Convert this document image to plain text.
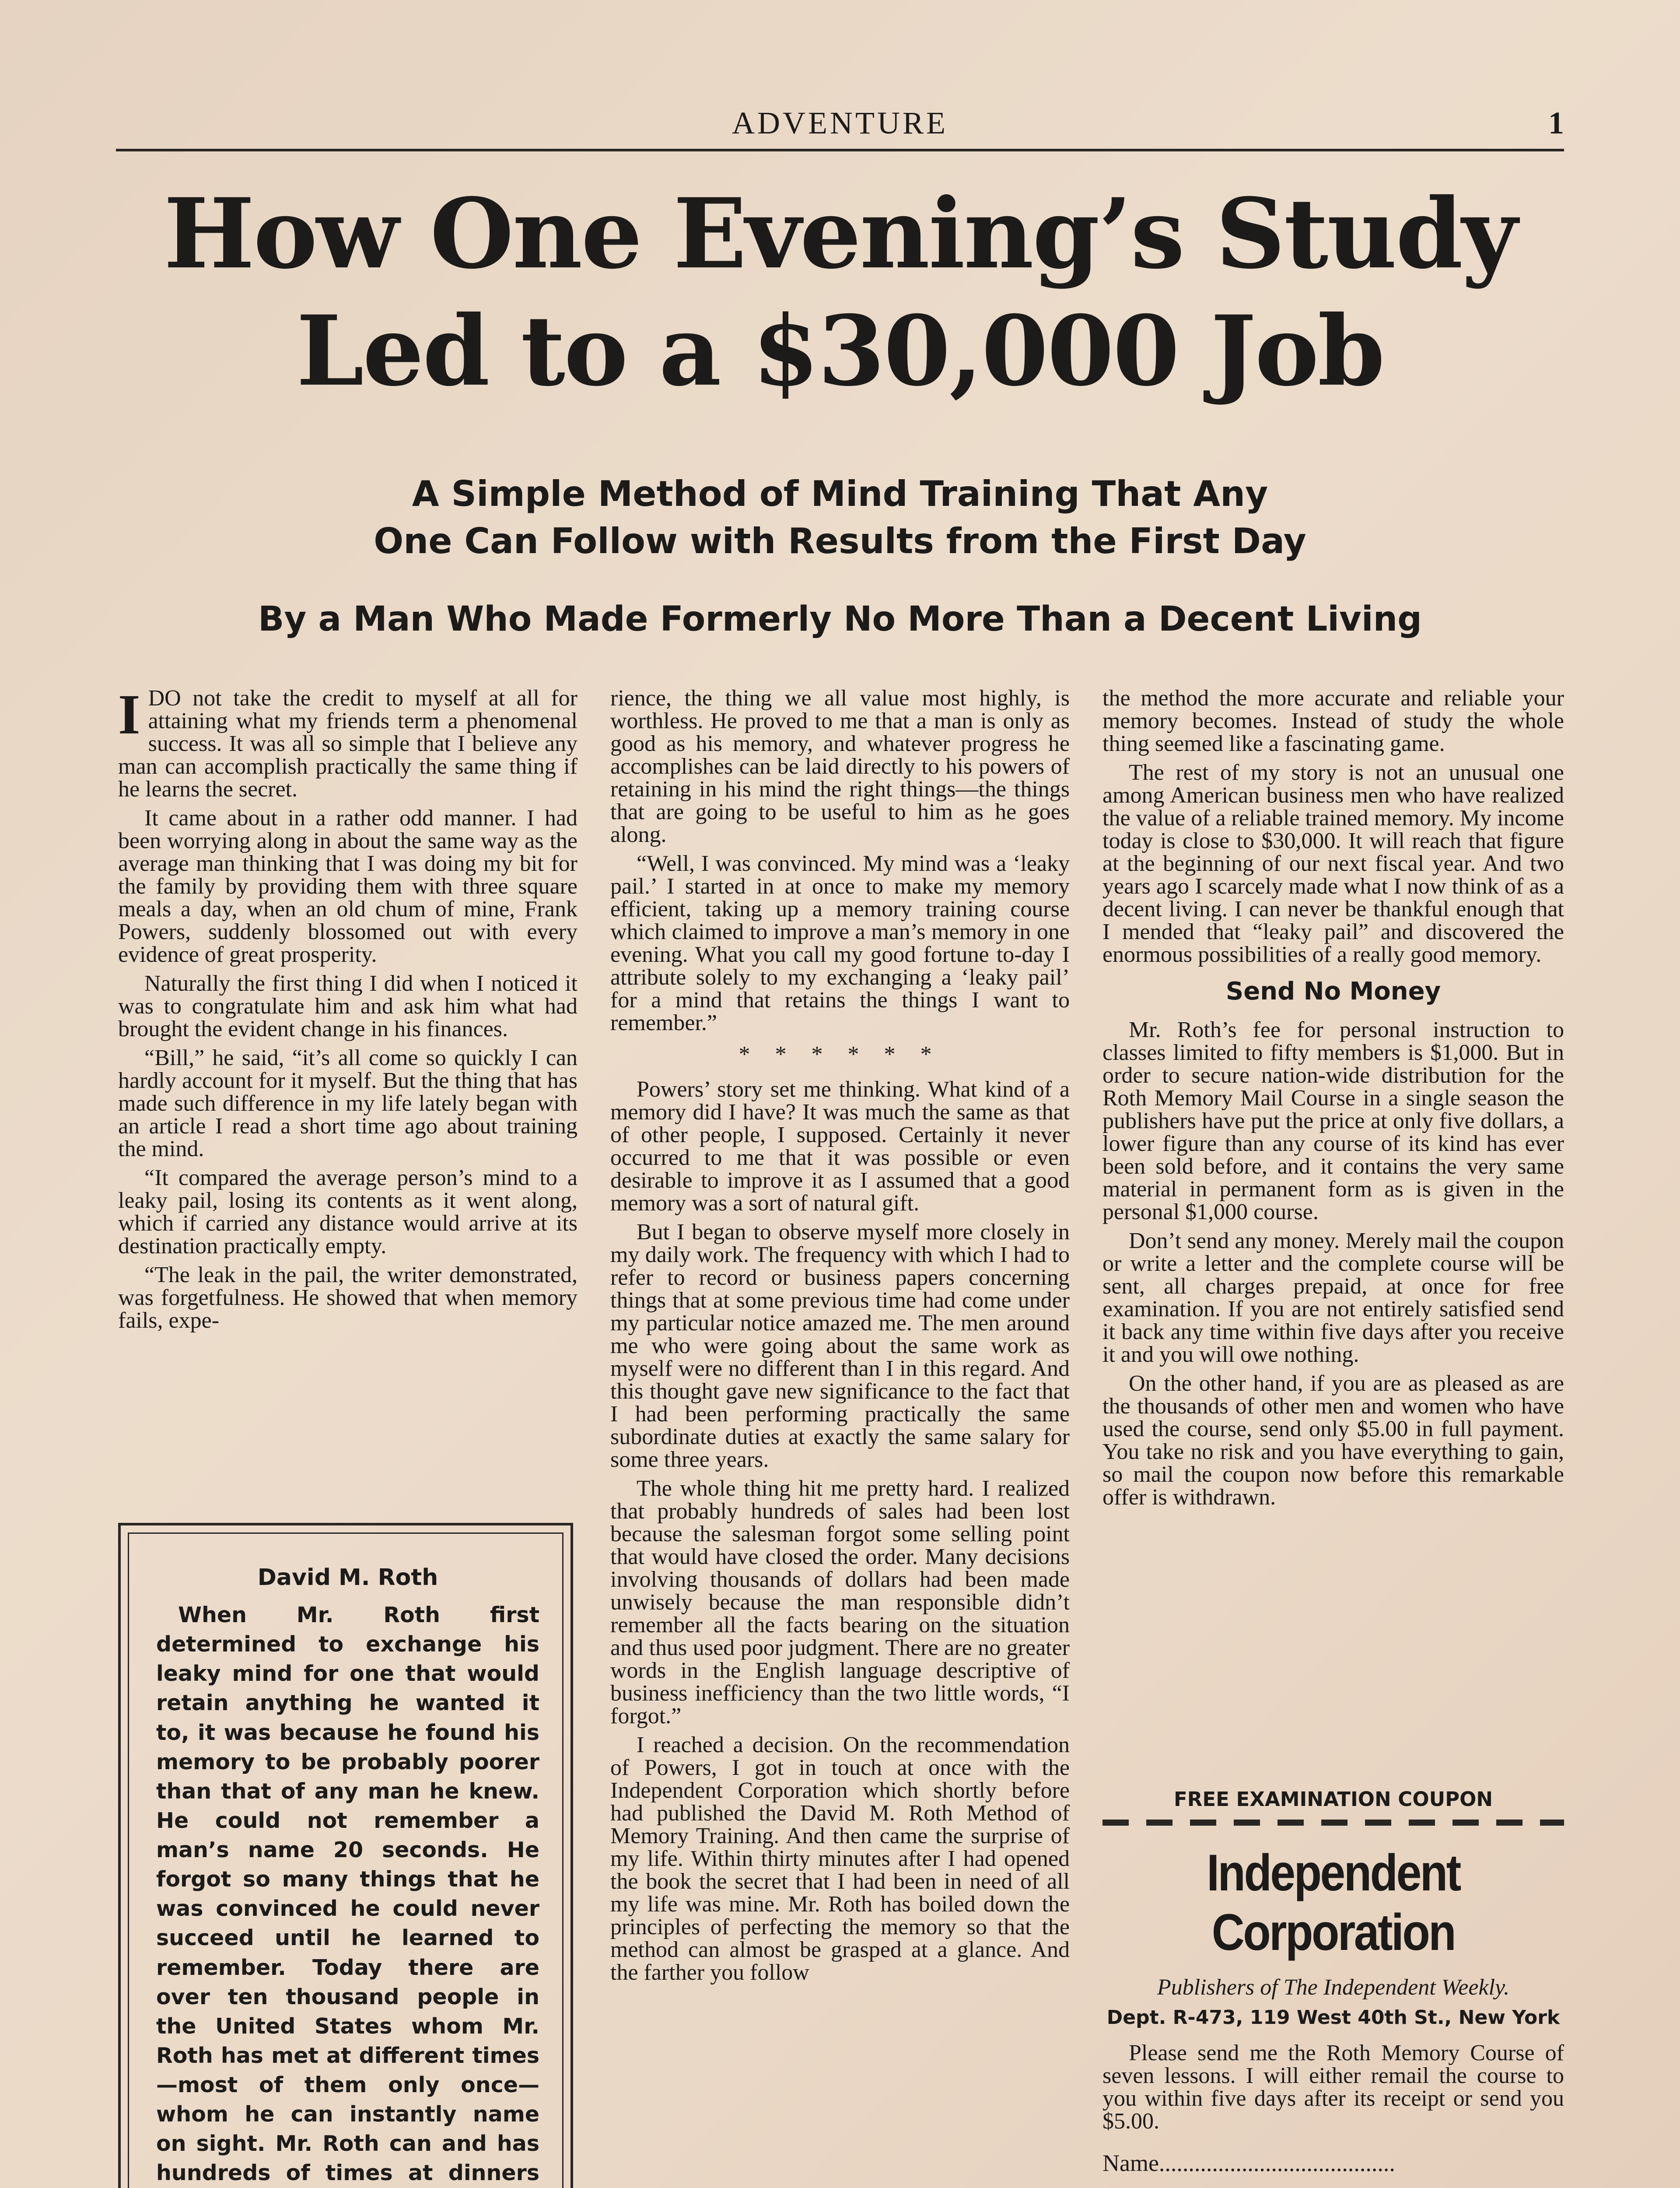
ADVENTURE	1
How One Evening’s Study
Led to a $30,000 Job
A Simple Method of Mind Training That Any
One Can Follow with Results from the First Day
By a Man Who Made Formerly No More Than a Decent Living

IDO not take the credit to myself at all for attaining what my friends term a phenomenal success. It was all so simple that I believe any man can accomplish practically the same thing if he learns the secret.

It came about in a rather odd manner. I had been worrying along in about the same way as the average man thinking that I was doing my bit for the family by providing them with three square meals a day, when an old chum of mine, Frank Powers, suddenly blossomed out with every evidence of great prosperity.

Naturally the first thing I did when I noticed it was to congratulate him and ask him what had brought the evident change in his finances.

“Bill,” he said, “it’s all come so quickly I can hardly account for it myself. But the thing that has made such difference in my life lately began with an article I read a short time ago about training the mind.

“It compared the average person’s mind to a leaky pail, losing its contents as it went along, which if carried any distance would arrive at its destination practically empty.

“The leak in the pail, the writer demonstrated, was forgetfulness. He showed that when memory fails, expe-

David M. Roth
When Mr. Roth first determined to exchange his leaky mind for one that would retain anything he wanted it to, it was because he found his memory to be probably poorer than that of any man he knew. He could not remember a man’s name 20 seconds. He forgot so many things that he was convinced he could never succeed until he learned to remember. Today there are over ten thousand people in the United States whom Mr. Roth has met at different times—most of them only once—whom he can instantly name on sight. Mr. Roth can and has hundreds of times at dinners

rience, the thing we all value most highly, is worthless. He proved to me that a man is only as good as his memory, and whatever progress he accomplishes can be laid directly to his powers of retaining in his mind the right things—the things that are going to be useful to him as he goes along.

“Well, I was convinced. My mind was a ‘leaky pail.’ I started in at once to make my memory efficient, taking up a memory training course which claimed to improve a man’s memory in one evening. What you call my good fortune to-day I attribute solely to my exchanging a ‘leaky pail’ for a mind that retains the things I want to remember.”

* * * * * *

Powers’ story set me thinking. What kind of a memory did I have? It was much the same as that of other people, I supposed. Certainly it never occurred to me that it was possible or even desirable to improve it as I assumed that a good memory was a sort of natural gift.

But I began to observe myself more closely in my daily work. The frequency with which I had to refer to record or business papers concerning things that at some previous time had come under my particular notice amazed me. The men around me who were going about the same work as myself were no different than I in this regard. And this thought gave new significance to the fact that I had been performing practically the same subordinate duties at exactly the same salary for some three years.

The whole thing hit me pretty hard. I realized that probably hundreds of sales had been lost because the salesman forgot some selling point that would have closed the order. Many decisions involving thousands of dollars had been made unwisely because the man responsible didn’t remember all the facts bearing on the situation and thus used poor judgment. There are no greater words in the English language descriptive of business inefficiency than the two little words, “I forgot.”

I reached a decision. On the recommendation of Powers, I got in touch at once with the Independent Corporation which shortly before had published the David M. Roth Method of Memory Training. And then came the surprise of my life. Within thirty minutes after I had opened the book the secret that I had been in need of all my life was mine. Mr. Roth has boiled down the principles of perfecting the memory so that the method can almost be grasped at a glance. And the farther you follow

the method the more accurate and reliable your memory becomes. Instead of study the whole thing seemed like a fascinating game.

The rest of my story is not an unusual one among American business men who have realized the value of a reliable trained memory. My income today is close to $30,000. It will reach that figure at the beginning of our next fiscal year. And two years ago I scarcely made what I now think of as a decent living. I can never be thankful enough that I mended that “leaky pail” and discovered the enormous possibilities of a really good memory.

Send No Money

Mr. Roth’s fee for personal instruction to classes limited to fifty members is $1,000. But in order to secure nation-wide distribution for the Roth Memory Mail Course in a single season the publishers have put the price at only five dollars, a lower figure than any course of its kind has ever been sold before, and it contains the very same material in permanent form as is given in the personal $1,000 course.

Don’t send any money. Merely mail the coupon or write a letter and the complete course will be sent, all charges prepaid, at once for free examination. If you are not entirely satisfied send it back any time within five days after you receive it and you will owe nothing.

On the other hand, if you are as pleased as are the thousands of other men and women who have used the course, send only $5.00 in full payment. You take no risk and you have everything to gain, so mail the coupon now before this remarkable offer is withdrawn.

FREE EXAMINATION COUPON
Independent Corporation
Publishers of The Independent Weekly.
Dept. R-473, 119 West 40th St., New York
Please send me the Roth Memory Course of seven lessons. I will either remail the course to you within five days after its receipt or send you $5.00.
Name........................................
